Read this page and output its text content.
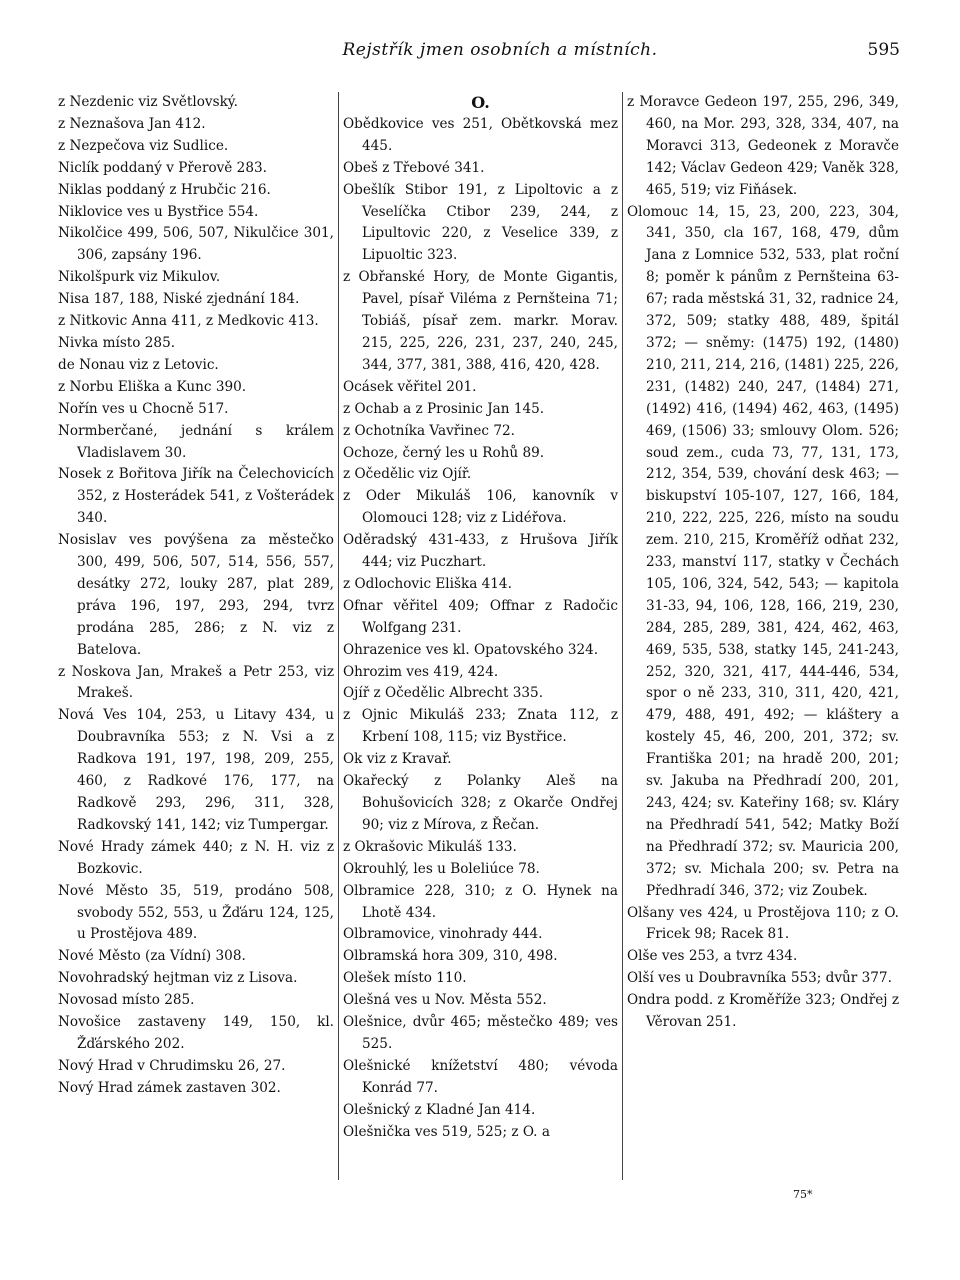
Rejstřík jmen osobních a místních.	595

z Nezdenic viz Světlovský.

z Neznašova Jan 412.

z Nezpečova viz Sudlice.

Niclík poddaný v Přerově 283.

Niklas poddaný z Hrubčic 216.

Niklovice ves u Bystřice 554.

Nikolčice 499, 506, 507, Nikulčice 301, 306, zapsány 196.

Nikolšpurk viz Mikulov.

Nisa 187, 188, Niské zjednání 184.

z Nitkovic Anna 411, z Medkovic 413.

Nivka místo 285.

de Nonau viz z Letovic.

z Norbu Eliška a Kunc 390.

Nořín ves u Chocně 517.

Normberčané, jednání s králem Vladislavem 30.

Nosek z Bořitova Jiřík na Čelechovicích 352, z Hosterádek 541, z Vošterádek 340.

Nosislav ves povýšena za městečko 300, 499, 506, 507, 514, 556, 557, desátky 272, louky 287, plat 289, práva 196, 197, 293, 294, tvrz prodána 285, 286; z N. viz z Batelova.

z Noskova Jan, Mrakeš a Petr 253, viz Mrakeš.

Nová Ves 104, 253, u Litavy 434, u Doubravníka 553; z N. Vsi a z Radkova 191, 197, 198, 209, 255, 460, z Radkové 176, 177, na Radkově 293, 296, 311, 328, Radkovský 141, 142; viz Tumpergar.

Nové Hrady zámek 440; z N. H. viz z Bozkovic.

Nové Město 35, 519, prodáno 508, svobody 552, 553, u Žďáru 124, 125, u Prostějova 489.

Nové Město (za Vídní) 308.

Novohradský hejtman viz z Lisova.

Novosad místo 285.

Novošice zastaveny 149, 150, kl. Žďárského 202.

Nový Hrad v Chrudimsku 26, 27.

Nový Hrad zámek zastaven 302.

O.

Obědkovice ves 251, Obětkovská mez 445.

Obeš z Třebové 341.

Obešlík Stibor 191, z Lipoltovic a z Veselíčka Ctibor 239, 244, z Lipultovic 220, z Veselice 339, z Lipuoltic 323.

z Obřanské Hory, de Monte Gigantis, Pavel, písař Viléma z Pernšteina 71; Tobiáš, písař zem. markr. Morav. 215, 225, 226, 231, 237, 240, 245, 344, 377, 381, 388, 416, 420, 428.

Ocásek věřitel 201.

z Ochab a z Prosinic Jan 145.

z Ochotníka Vavřinec 72.

Ochoze, černý les u Rohů 89.

z Očedělic viz Ojíř.

z Oder Mikuláš 106, kanovník v Olomouci 128; viz z Lidéřova.

Oděradský 431-433, z Hrušova Jiřík 444; viz Puczhart.

z Odlochovic Eliška 414.

Ofnar věřitel 409; Offnar z Radočic Wolfgang 231.

Ohrazenice ves kl. Opatovského 324.

Ohrozim ves 419, 424.

Ojíř z Očedělic Albrecht 335.

z Ojnic Mikuláš 233; Znata 112, z Krbení 108, 115; viz Bystřice.

Ok viz z Kravař.

Okařecký z Polanky Aleš na Bohušovicích 328; z Okarče Ondřej 90; viz z Mírova, z Řečan.

z Okrašovic Mikuláš 133.

Okrouhlý, les u Boleliúce 78.

Olbramice 228, 310; z O. Hynek na Lhotě 434.

Olbramovice, vinohrady 444.

Olbramská hora 309, 310, 498.

Olešek místo 110.

Olešná ves u Nov. Města 552.

Olešnice, dvůr 465; městečko 489; ves 525.

Olešnické knížetství 480; vévoda Konrád 77.

Olešnický z Kladné Jan 414.

Olešnička ves 519, 525; z O. a

z Moravce Gedeon 197, 255, 296, 349, 460, na Mor. 293, 328, 334, 407, na Moravci 313, Gedeonek z Moravče 142; Václav Gedeon 429; Vaněk 328, 465, 519; viz Fiňásek.

Olomouc 14, 15, 23, 200, 223, 304, 341, 350, cla 167, 168, 479, dům Jana z Lomnice 532, 533, plat roční 8; poměr k pánům z Pernšteina 63-67; rada městská 31, 32, radnice 24, 372, 509; statky 488, 489, špitál 372; — sněmy: (1475) 192, (1480) 210, 211, 214, 216, (1481) 225, 226, 231, (1482) 240, 247, (1484) 271, (1492) 416, (1494) 462, 463, (1495) 469, (1506) 33; smlouvy Olom. 526; soud zem., cuda 73, 77, 131, 173, 212, 354, 539, chování desk 463; — biskupství 105-107, 127, 166, 184, 210, 222, 225, 226, místo na soudu zem. 210, 215, Kroměříž odňat 232, 233, manství 117, statky v Čechách 105, 106, 324, 542, 543; — kapitola 31-33, 94, 106, 128, 166, 219, 230, 284, 285, 289, 381, 424, 462, 463, 469, 535, 538, statky 145, 241-243, 252, 320, 321, 417, 444-446, 534, spor o ně 233, 310, 311, 420, 421, 479, 488, 491, 492; — kláštery a kostely 45, 46, 200, 201, 372; sv. Františka 201; na hradě 200, 201; sv. Jakuba na Předhradí 200, 201, 243, 424; sv. Kateřiny 168; sv. Kláry na Předhradí 541, 542; Matky Boží na Předhradí 372; sv. Mauricia 200, 372; sv. Michala 200; sv. Petra na Předhradí 346, 372; viz Zoubek.

Olšany ves 424, u Prostějova 110; z O. Fricek 98; Racek 81.

Olše ves 253, a tvrz 434.

Olší ves u Doubravníka 553; dvůr 377.

Ondra podd. z Kroměříže 323; Ondřej z Věrovan 251.

75*
